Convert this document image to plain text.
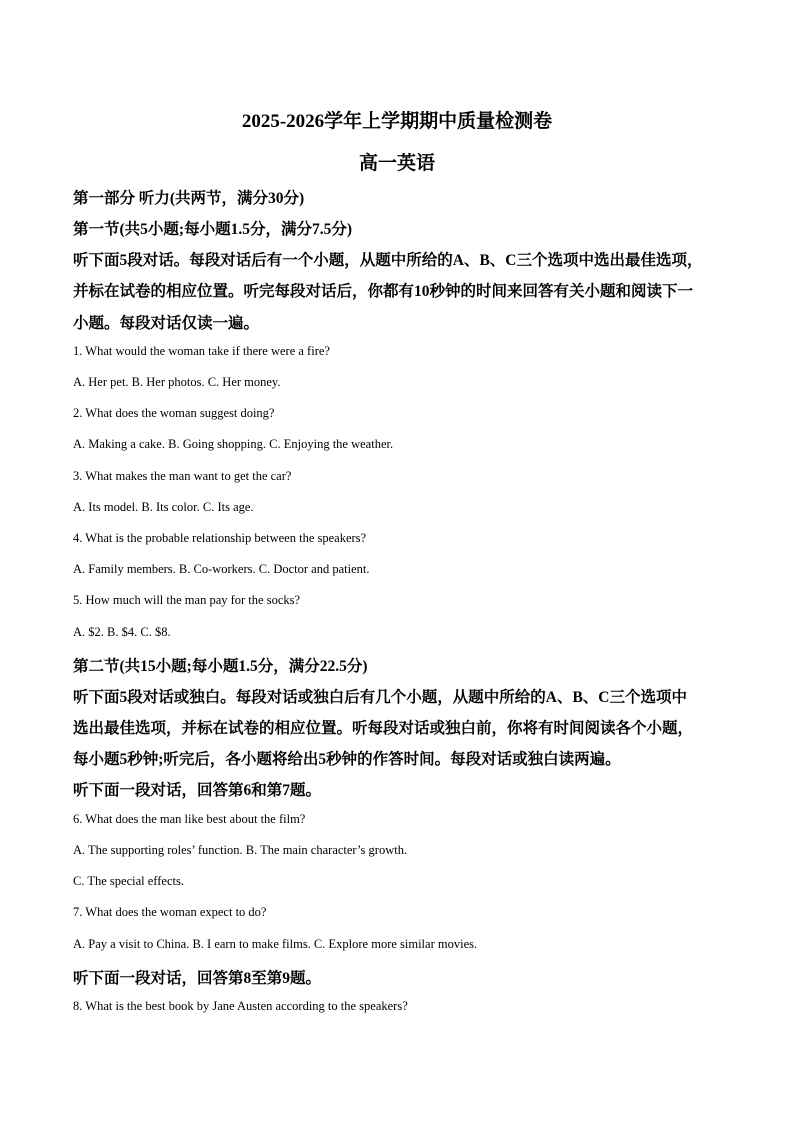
2025-2026学年上学期期中质量检测卷
高一英语
第一部分 听力(共两节，满分30分)
第一节(共5小题;每小题1.5分，满分7.5分)
听下面5段对话。每段对话后有一个小题，从题中所给的A、B、C三个选项中选出最佳选项，
并标在试卷的相应位置。听完每段对话后，你都有10秒钟的时间来回答有关小题和阅读下一
小题。每段对话仅读一遍。
1. What would the woman take if there were a fire?
A. Her pet. B. Her photos. C. Her money.
2. What does the woman suggest doing?
A. Making a cake. B. Going shopping. C. Enjoying the weather.
3. What makes the man want to get the car?
A. Its model. B. Its color. C. Its age.
4. What is the probable relationship between the speakers?
A. Family members. B. Co-workers. C. Doctor and patient.
5. How much will the man pay for the socks?
A. $2. B. $4. C. $8.
第二节(共15小题;每小题1.5分，满分22.5分)
听下面5段对话或独白。每段对话或独白后有几个小题，从题中所给的A、B、C三个选项中
选出最佳选项，并标在试卷的相应位置。听每段对话或独白前，你将有时间阅读各个小题，
每小题5秒钟;听完后，各小题将给出5秒钟的作答时间。每段对话或独白读两遍。
听下面一段对话，回答第6和第7题。
6. What does the man like best about the film?
A. The supporting roles’ function. B. The main character’s growth.
C. The special effects.
7. What does the woman expect to do?
A. Pay a visit to China. B. I earn to make films. C. Explore more similar movies.
听下面一段对话，回答第8至第9题。
8. What is the best book by Jane Austen according to the speakers?
